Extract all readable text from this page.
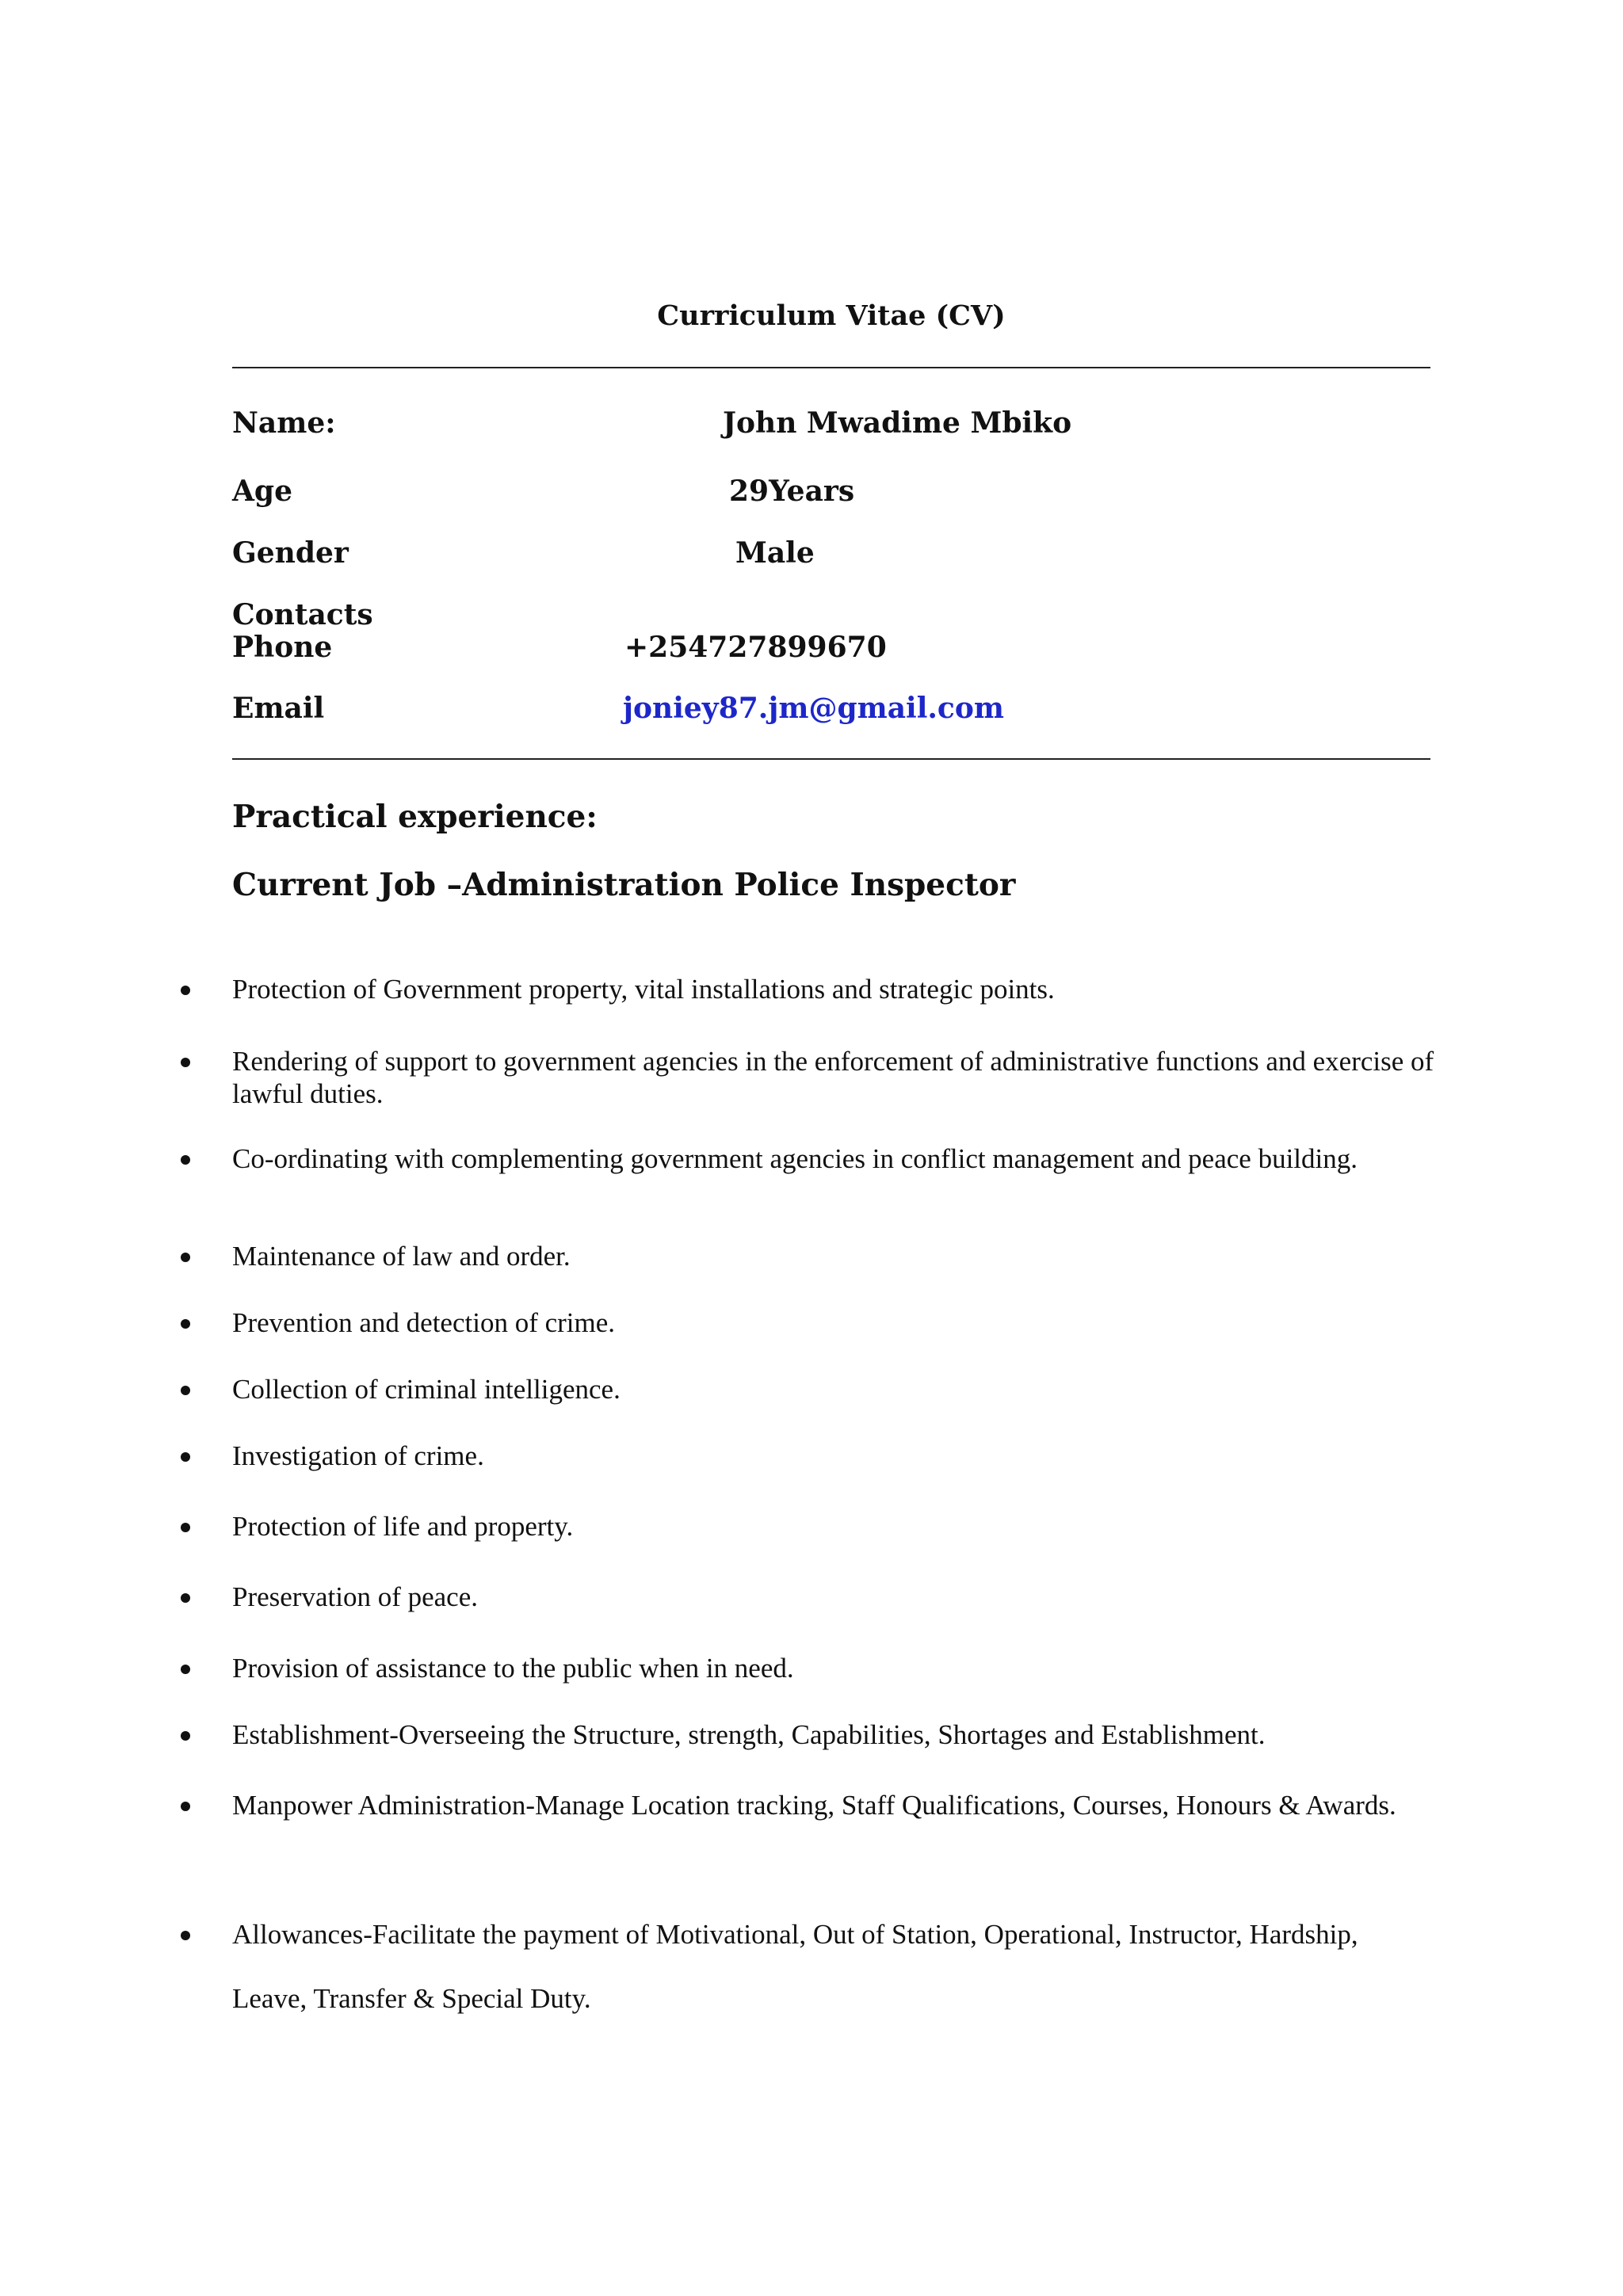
Curriculum Vitae (CV)
Name:	John Mwadime Mbiko
Age	29Years
Gender	Male
Contacts
Phone	+254727899670
Email	joniey87.jm@gmail.com
Practical experience:
Current Job –Administration Police Inspector
Protection of Government property, vital installations and strategic points.
Rendering of support to government agencies in the enforcement of administrative functions and exercise of lawful duties.
Co-ordinating with complementing government agencies in conflict management and peace building.
Maintenance of law and order.
Prevention and detection of crime.
Collection of criminal intelligence.
Investigation of crime.
Protection of life and property.
Preservation of peace.
Provision of assistance to the public when in need.
Establishment-Overseeing the Structure, strength, Capabilities, Shortages and Establishment.
Manpower Administration-Manage Location tracking, Staff Qualifications, Courses, Honours & Awards.
Allowances-Facilitate the payment of Motivational, Out of Station, Operational, Instructor, Hardship, Leave, Transfer & Special Duty.
